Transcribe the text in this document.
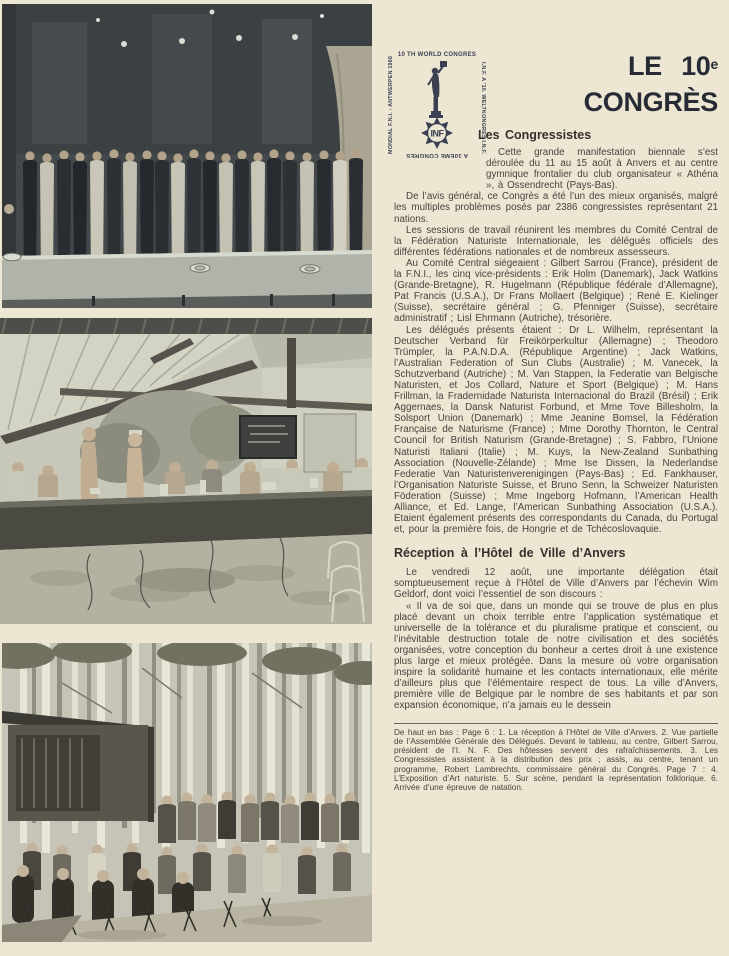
10 TH WORLD CONGRES
MONDIAL F.N.I. - ANTWERPEN 1966	I.N.F. A ’10. WELTKONGRES I.N.F.
A 10EME CONGRES
INF
LE 10e CONGRÈS
Les Congressistes

Cette grande manifestation biennale s’est déroulée du 11 au 15 août à Anvers et au centre gymnique frontalier du club organisateur « Athéna », à Ossendrecht (Pays-Bas).

De l’avis général, ce Congrès a été l’un des mieux organisés, malgré les multiples problèmes posés par 2386 congressistes représentant 21 nations.

Les sessions de travail réunirent les membres du Comité Central de la Fédération Naturiste Internationale, les délégués officiels des différentes fédérations nationales et de nombreux assesseurs.

Au Comité Central siégeaient : Gilbert Sarrou (France), président de la F.N.I., les cinq vice-présidents : Erik Holm (Danemark), Jack Watkins (Grande-Bretagne), R. Hugelmann (République fédérale d’Allemagne), Pat Francis (U.S.A.), Dr Frans Mollaert (Belgique) ; René E. Kielinger (Suisse), secrétaire général ; G. Pfenniger (Suisse), secrétaire administratif ; Lisl Ehrmann (Autriche), trésorière.

Les délégués présents étaient : Dr L. Wilhelm, représentant la Deutscher Verband für Freikörperkultur (Allemagne) ; Theodoro Trümpler, la P.A.N.D.A. (République Argentine) ; Jack Watkins, l’Australian Federation of Sun Clubs (Australie) ; M. Vanecek, la Schutzverband (Autriche) ; M. Van Stappen, la Federatie van Belgische Naturisten, et Jos Collard, Nature et Sport (Belgique) ; M. Hans Frillman, la Fradernidade Naturista Internacional do Brazil (Brésil) ; Erik Aggernaes, la Dansk Naturist Forbund, et Mme Tove Billesholm, la Solsport Union (Danemark) ; Mme Jeanine Bomsel, la Fédération Française de Naturisme (France) ; Mme Dorothy Thornton, le Central Council for British Naturism (Grande-Bretagne) ; S. Fabbro, l’Unione Naturisti Italiani (Italie) ; M. Kuys, la New-Zealand Sunbathing Association (Nouvelle-Zélande) ; Mme Ise Dissen, la Nederlandse Federatie Van Naturistenverenigingen (Pays-Bas) ; Ed. Fankhauser, l’Organisation Naturiste Suisse, et Bruno Senn, la Schweizer Naturisten Föderation (Suisse) ; Mme Ingeborg Hofmann, l’American Health Alliance, et Ed. Lange, l’American Sunbathing Association (U.S.A.). Etaient également présents des correspondants du Canada, du Portugal et, pour la première fois, de Hongrie et de Tchécoslovaquie.

Réception à l’Hôtel de Ville d’Anvers

Le vendredi 12 août, une importante délégation était somptueusement reçue à l’Hôtel de Ville d’Anvers par l’échevin Wim Geldorf, dont voici l’essentiel de son discours :

« Il va de soi que, dans un monde qui se trouve de plus en plus placé devant un choix terrible entre l’application systématique et universelle de la tolérance et du pluralisme pratique et conscient, ou l’inévitable destruction totale de notre civilisation et des sociétés organisées, votre conception du bonheur a certes droit à une existence plus large et mieux protégée. Dans la mesure où votre organisation inspire la solidarité humaine et les contacts internationaux, elle mérite d’ailleurs plus que l’élémentaire respect de tous. La ville d’Anvers, première ville de Belgique par le nombre de ses habitants et par son expansion économique, n’a jamais eu le dessein

De haut en bas : Page 6 : 1. La réception à l’Hôtel de Ville d’Anvers. 2. Vue partielle de l’Assemblée Générale des Délégués. Devant le tableau, au centre, Gilbert Sarrou, président de l’I. N. F. Des hôtesses servent des rafraîchissements. 3. Les Congressistes assistent à la distribution des prix ; assis, au centre, tenant un programme, Robert Lambrechts, commissaire général du Congrès. Page 7 : 4. L’Exposition d’Art naturiste. 5. Sur scène, pendant la représentation folklorique. 6. Arrivée d’une épreuve de natation.
